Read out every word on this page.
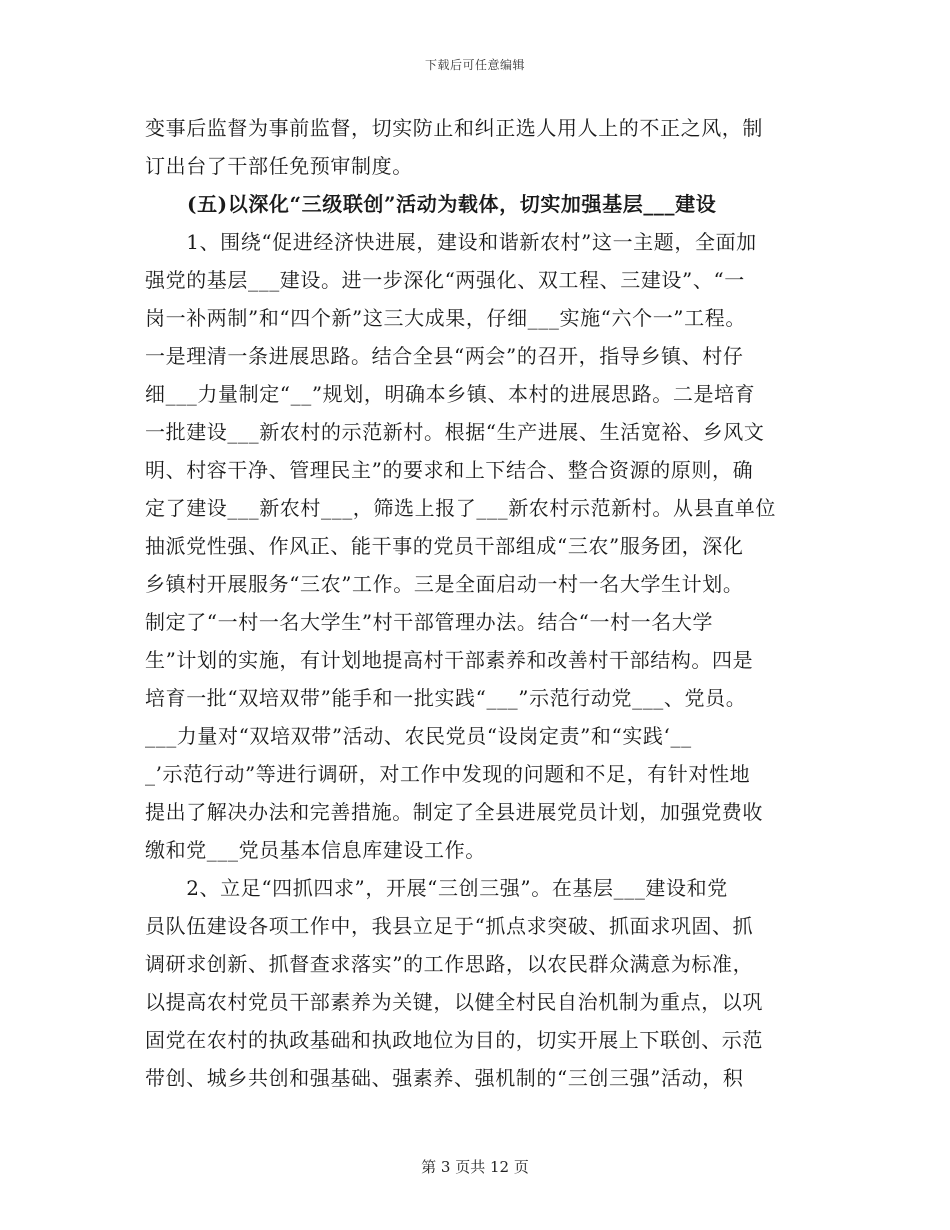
下载后可任意编辑
变事后监督为事前监督，切实防止和纠正选人用人上的不正之风，制
订出台了干部任免预审制度。
(五)以深化“三级联创”活动为载体，切实加强基层___建设
　　1、围绕“促进经济快进展，建设和谐新农村”这一主题，全面加
强党的基层___建设。进一步深化“两强化、双工程、三建设”、“一
岗一补两制”和“四个新”这三大成果，仔细___实施“六个一”工程。
一是理清一条进展思路。结合全县“两会”的召开，指导乡镇、村仔
细___力量制定“__”规划，明确本乡镇、本村的进展思路。二是培育
一批建设___新农村的示范新村。根据“生产进展、生活宽裕、乡风文
明、村容干净、管理民主”的要求和上下结合、整合资源的原则，确
定了建设___新农村___，筛选上报了___新农村示范新村。从县直单位
抽派党性强、作风正、能干事的党员干部组成“三农”服务团，深化
乡镇村开展服务“三农”工作。三是全面启动一村一名大学生计划。
制定了“一村一名大学生”村干部管理办法。结合“一村一名大学
生”计划的实施，有计划地提高村干部素养和改善村干部结构。四是
培育一批“双培双带”能手和一批实践“___”示范行动党___、党员。
___力量对“双培双带”活动、农民党员“设岗定责”和“实践‘__
_’示范行动”等进行调研，对工作中发现的问题和不足，有针对性地
提出了解决办法和完善措施。制定了全县进展党员计划，加强党费收
缴和党___党员基本信息库建设工作。
　　2、立足“四抓四求”，开展“三创三强”。在基层___建设和党
员队伍建设各项工作中，我县立足于“抓点求突破、抓面求巩固、抓
调研求创新、抓督查求落实”的工作思路，以农民群众满意为标准，
以提高农村党员干部素养为关键，以健全村民自治机制为重点，以巩
固党在农村的执政基础和执政地位为目的，切实开展上下联创、示范
带创、城乡共创和强基础、强素养、强机制的“三创三强”活动，积
第 3 页共 12 页
